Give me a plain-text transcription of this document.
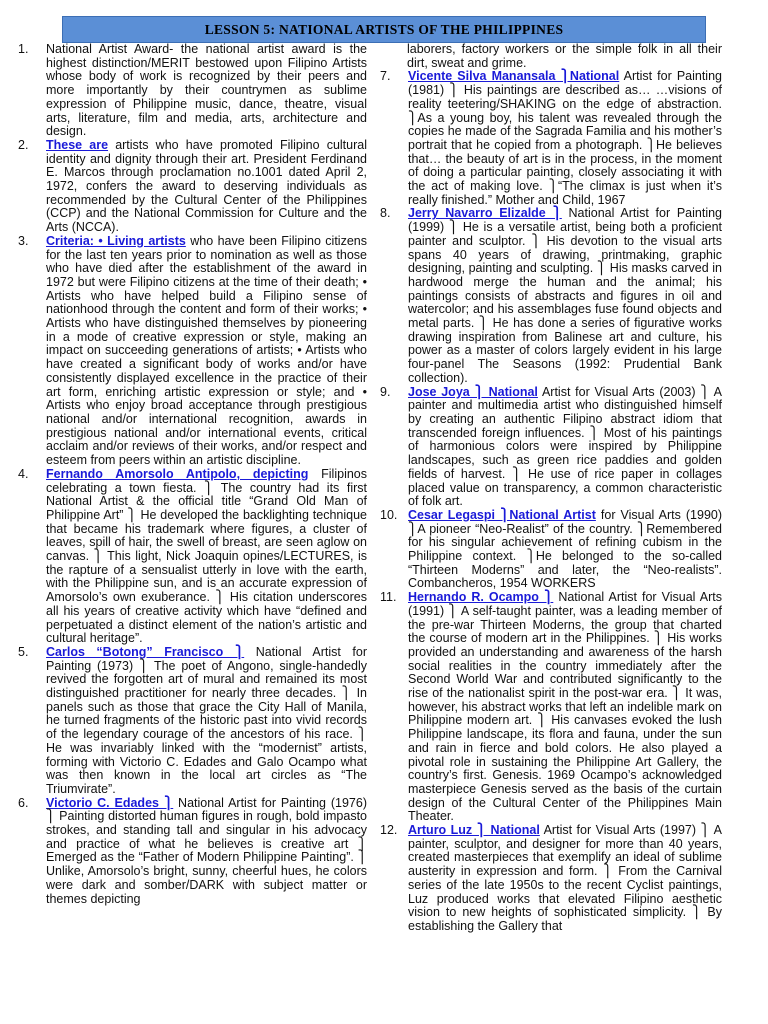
LESSON 5: NATIONAL ARTISTS OF THE PHILIPPINES
1.	National Artist Award- the national artist award is the highest distinction/MERIT bestowed upon Filipino Artists whose body of work is recognized by their peers and more importantly by their countrymen as sublime expression of Philippine music, dance, theatre, visual arts, literature, film and media, arts, architecture and design.
2.	These are artists who have promoted Filipino cultural identity and dignity through their art. President Ferdinand E. Marcos through proclamation no.1001 dated April 2, 1972, confers the award to deserving individuals as recommended by the Cultural Center of the Philippines (CCP) and the National Commission for Culture and the Arts (NCCA).
3.	Criteria: • Living artists who have been Filipino citizens for the last ten years prior to nomination as well as those who have died after the establishment of the award in 1972 but were Filipino citizens at the time of their death; • Artists who have helped build a Filipino sense of nationhood through the content and form of their works; • Artists who have distinguished themselves by pioneering in a mode of creative expression or style, making an impact on succeeding generations of artists; • Artists who have created a significant body of works and/or have consistently displayed excellence in the practice of their art form, enriching artistic expression or style; and • Artists who enjoy broad acceptance through prestigious national and/or international recognition, awards in prestigious national and/or international events, critical acclaim and/or reviews of their works, and/or respect and esteem from peers within an artistic discipline.
4.	Fernando Amorsolo Antipolo, depicting Filipinos celebrating a town fiesta. ⎫ The country had its first National Artist & the official title “Grand Old Man of Philippine Art” ⎫ He developed the backlighting technique that became his trademark where figures, a cluster of leaves, spill of hair, the swell of breast, are seen aglow on canvas. ⎫ This light, Nick Joaquin opines/LECTURES, is the rapture of a sensualist utterly in love with the earth, with the Philippine sun, and is an accurate expression of Amorsolo’s own exuberance. ⎫ His citation underscores all his years of creative activity which have “defined and perpetuated a distinct element of the nation’s artistic and cultural heritage”.
5.	Carlos “Botong” Francisco ⎫ National Artist for Painting (1973) ⎫ The poet of Angono, single-handedly revived the forgotten art of mural and remained its most distinguished practitioner for nearly three decades. ⎫ In panels such as those that grace the City Hall of Manila, he turned fragments of the historic past into vivid records of the legendary courage of the ancestors of his race. ⎫ He was invariably linked with the “modernist” artists, forming with Victorio C. Edades and Galo Ocampo what was then known in the local art circles as “The Triumvirate”.
6.	Victorio C. Edades ⎫ National Artist for Painting (1976) ⎫ Painting distorted human figures in rough, bold impasto strokes, and standing tall and singular in his advocacy and practice of what he believes is creative art ⎫ Emerged as the “Father of Modern Philippine Painting”. ⎫ Unlike, Amorsolo’s bright, sunny, cheerful hues, he colors were dark and somber/DARK with subject matter or themes depicting
laborers, factory workers or the simple folk in all their dirt, sweat and grime.
7.	Vicente Silva Manansala ⎫National Artist for Painting (1981) ⎫ His paintings are described as… …visions of reality teetering/SHAKING on the edge of abstraction. ⎫As a young boy, his talent was revealed through the copies he made of the Sagrada Familia and his mother’s portrait that he copied from a photograph. ⎫He believes that… the beauty of art is in the process, in the moment of doing a particular painting, closely associating it with the act of making love. ⎫“The climax is just when it’s really finished.” Mother and Child, 1967
8.	Jerry Navarro Elizalde ⎫ National Artist for Painting (1999) ⎫ He is a versatile artist, being both a proficient painter and sculptor. ⎫ His devotion to the visual arts spans 40 years of drawing, printmaking, graphic designing, painting and sculpting. ⎫ His masks carved in hardwood merge the human and the animal; his paintings consists of abstracts and figures in oil and watercolor; and his assemblages fuse found objects and metal parts. ⎫ He has done a series of figurative works drawing inspiration from Balinese art and culture, his power as a master of colors largely evident in his large four-panel The Seasons (1992: Prudential Bank collection).
9.	Jose Joya ⎫ National Artist for Visual Arts (2003) ⎫ A painter and multimedia artist who distinguished himself by creating an authentic Filipino abstract idiom that transcended foreign influences. ⎫ Most of his paintings of harmonious colors were inspired by Philippine landscapes, such as green rice paddies and golden fields of harvest. ⎫ He use of rice paper in collages placed value on transparency, a common characteristic of folk art.
10. Cesar Legaspi ⎫National Artist for Visual Arts (1990) ⎫A pioneer “Neo-Realist” of the country. ⎫Remembered for his singular achievement of refining cubism in the Philippine context. ⎫He belonged to the so-called “Thirteen Moderns” and later, the “Neo-realists”. Combancheros, 1954 WORKERS
11. Hernando R. Ocampo ⎫ National Artist for Visual Arts (1991) ⎫ A self-taught painter, was a leading member of the pre-war Thirteen Moderns, the group that charted the course of modern art in the Philippines. ⎫ His works provided an understanding and awareness of the harsh social realities in the country immediately after the Second World War and contributed significantly to the rise of the nationalist spirit in the post-war era. ⎫ It was, however, his abstract works that left an indelible mark on Philippine modern art. ⎫ His canvases evoked the lush Philippine landscape, its flora and fauna, under the sun and rain in fierce and bold colors. He also played a pivotal role in sustaining the Philippine Art Gallery, the country’s first. Genesis. 1969 Ocampo’s acknowledged masterpiece Genesis served as the basis of the curtain design of the Cultural Center of the Philippines Main Theater.
12. Arturo Luz ⎫ National Artist for Visual Arts (1997) ⎫ A painter, sculptor, and designer for more than 40 years, created masterpieces that exemplify an ideal of sublime austerity in expression and form. ⎫ From the Carnival series of the late 1950s to the recent Cyclist paintings, Luz produced works that elevated Filipino aesthetic vision to new heights of sophisticated simplicity. ⎫ By establishing the Gallery that
